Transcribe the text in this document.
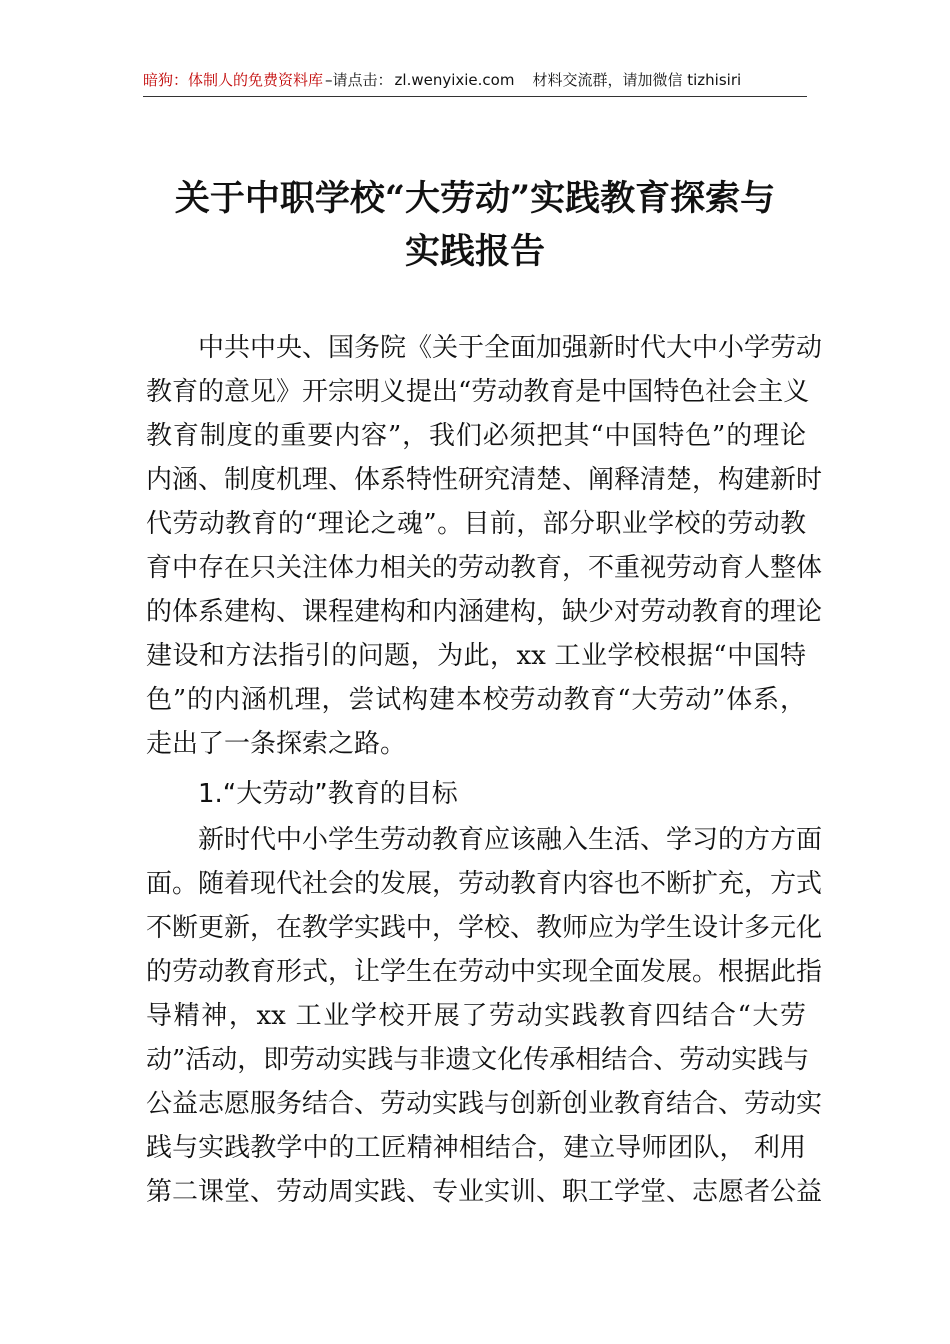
暗狗：体制人的免费资料库 –请点击： zl.wenyixie.com 材料交流群，请加微信 tizhisiri
关于中职学校“大劳动”实践教育探索与
实践报告
中共中央、国务院《关于全面加强新时代大中小学劳动
教育的意见》开宗明义提出“劳动教育是中国特色社会主义
教育制度的重要内容”，我们必须把其“中国特色”的理论
内涵、制度机理、体系特性研究清楚、阐释清楚，构建新时
代劳动教育的“理论之魂”。目前，部分职业学校的劳动教
育中存在只关注体力相关的劳动教育，不重视劳动育人整体
的体系建构、课程建构和内涵建构，缺少对劳动教育的理论
建设和方法指引的问题，为此，xx 工业学校根据“中国特
色”的内涵机理，尝试构建本校劳动教育“大劳动”体系，
走出了一条探索之路。
1.“大劳动”教育的目标
新时代中小学生劳动教育应该融入生活、学习的方方面
面。随着现代社会的发展，劳动教育内容也不断扩充，方式
不断更新，在教学实践中，学校、教师应为学生设计多元化
的劳动教育形式，让学生在劳动中实现全面发展。根据此指
导精神，xx 工业学校开展了劳动实践教育四结合“大劳
动”活动，即劳动实践与非遗文化传承相结合、劳动实践与
公益志愿服务结合、劳动实践与创新创业教育结合、劳动实
践与实践教学中的工匠精神相结合，建立导师团队， 利用
第二课堂、劳动周实践、专业实训、职工学堂、志愿者公益
